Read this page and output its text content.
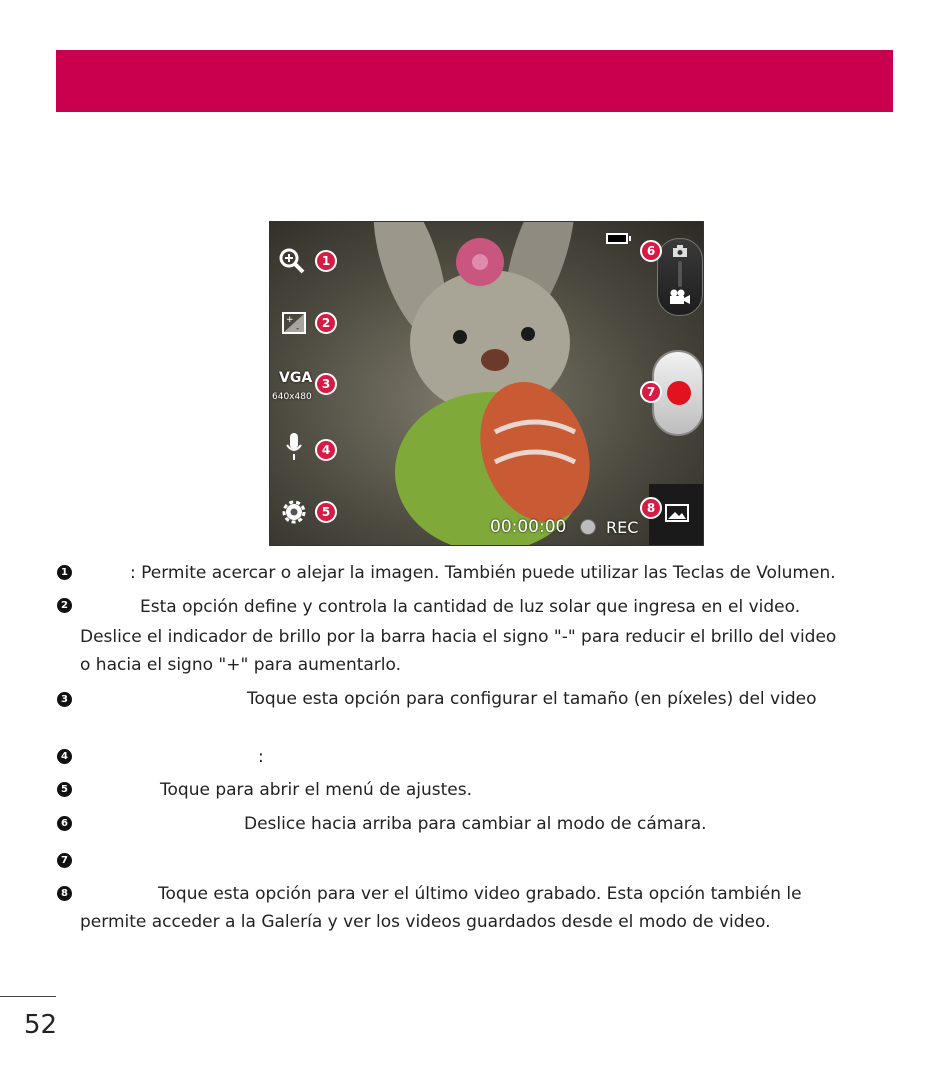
1
+
-	2
VGA
640x480
3
4
5
6
7
8
00:00:00 REC
1	: Permite acercar o alejar la imagen. También puede utilizar las Teclas de Volumen.
2	Esta opción define y controla la cantidad de luz solar que ingresa en el video.
Deslice el indicador de brillo por la barra hacia el signo "-" para reducir el brillo del video
o hacia el signo "+" para aumentarlo.
3	Toque esta opción para configurar el tamaño (en píxeles) del video
4	:
5	Toque para abrir el menú de ajustes.
6	Deslice hacia arriba para cambiar al modo de cámara.
7
8	Toque esta opción para ver el último video grabado. Esta opción también le
permite acceder a la Galería y ver los videos guardados desde el modo de video.
52
